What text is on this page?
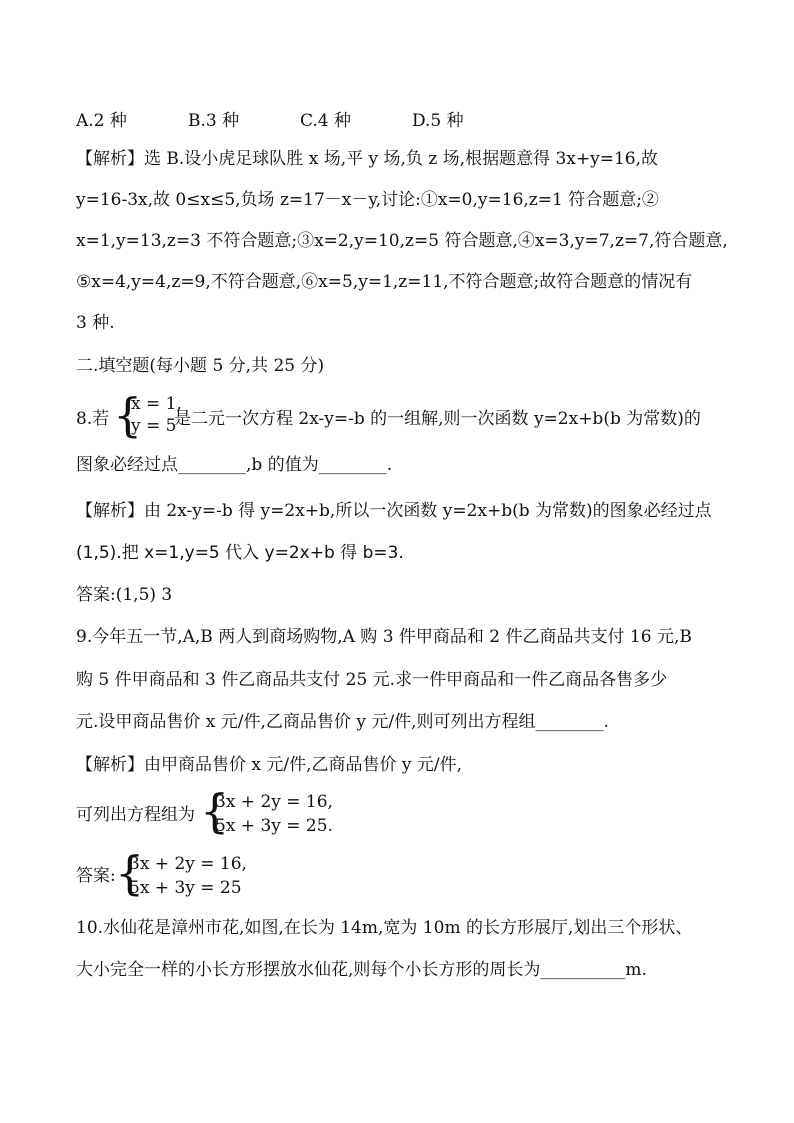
A.2 种	B.3 种	C.4 种	D.5 种
【解析】选 B.设小虎足球队胜 x 场,平 y 场,负 z 场,根据题意得 3x+y=16,故
y=16-3x,故 0≤x≤5,负场 z=17－x－y,讨论:①x=0,y=16,z=1 符合题意;②
x=1,y=13,z=3 不符合题意;③x=2,y=10,z=5 符合题意,④x=3,y=7,z=7,符合题意,
⑤x=4,y=4,z=9,不符合题意,⑥x=5,y=1,z=11,不符合题意;故符合题意的情况有
3 种.
二.填空题(每小题 5 分,共 25 分)
8.若 {
x = 1,
y = 5
是二元一次方程 2x-y=-b 的一组解,则一次函数 y=2x+b(b 为常数)的
图象必经过点________,b 的值为________.
【解析】由 2x-y=-b 得 y=2x+b,所以一次函数 y=2x+b(b 为常数)的图象必经过点
(1,5).把 x=1,y=5 代入 y=2x+b 得 b=3.
答案:(1,5) 3
9.今年五一节,A,B 两人到商场购物,A 购 3 件甲商品和 2 件乙商品共支付 16 元,B
购 5 件甲商品和 3 件乙商品共支付 25 元.求一件甲商品和一件乙商品各售多少
元.设甲商品售价 x 元/件,乙商品售价 y 元/件,则可列出方程组________.
【解析】由甲商品售价 x 元/件,乙商品售价 y 元/件,
可列出方程组为 {
3x + 2y = 16,
5x + 3y = 25.
答案: {
3x + 2y = 16,
5x + 3y = 25
10.水仙花是漳州市花,如图,在长为 14m,宽为 10m 的长方形展厅,划出三个形状、
大小完全一样的小长方形摆放水仙花,则每个小长方形的周长为__________m.
